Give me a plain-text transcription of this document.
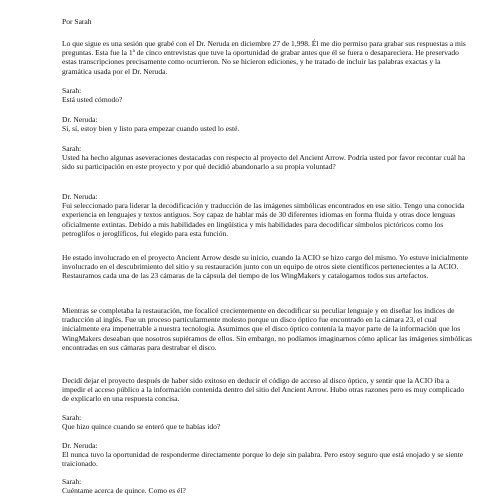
Por Sarah

Lo que sigue es una sesión que grabé con el Dr. Neruda en diciembre 27 de 1,998. Él me dio permiso para grabar sus respuestas a mis preguntas. Esta fue la 1ª de cinco entrevistas que tuve la oportunidad de grabar antes que él se fuera o desapareciera. He preservado estas transcripciones precisamente como ocurrieron. No se hicieron ediciones, y he tratado de incluir las palabras exactas y la gramática usada por el Dr. Neruda.

Sarah:

Está usted cómodo?

Dr. Neruda:

Sí, sí, estoy bien y listo para empezar cuando usted lo esté.

Sarah:

Usted ha hecho algunas aseveraciones destacadas con respecto al proyecto del Ancient Arrow. Podría usted por favor recontar cuál ha sido su participación en este proyecto y por qué decidió abandonarlo a su propia voluntad?

Dr. Neruda:

Fui seleccionado para liderar la decodificación y traducción de las imágenes simbólicas encontrados en ese sitio. Tengo una conocida experiencia en lenguajes y textos antiguos. Soy capaz de hablar más de 30 diferentes idiomas en forma fluida y otras doce lenguas oficialmente extintas. Debido a mis habilidades en lingüística y mis habilidades para decodificar símbolos pictóricos como los petroglifos o jeroglíficos, fui elegido para esta función.

He estado involucrado en el proyecto Ancient Arrow desde su inicio, cuando la ACIO se hizo cargo del mismo. Yo estuve inicialmente involucrado en el descubrimiento del sitio y su restauración junto con un equipo de otros siete científicos pertenecientes a la ACIO. Restauramos cada una de las 23 cámaras de la cápsula del tiempo de los WingMakers y catalogamos todos sus artefactos.

Mientras se completaba la restauración, me focalicé crecientemente en decodificar su peculiar lenguaje y en diseñar los índices de traducción al inglés. Fue un proceso particularmente molesto porque un disco óptico fue encontrado en la cámara 23, el cual inicialmente era impenetrable a nuestra tecnología. Asumimos que el disco óptico contenía la mayor parte de la información que los WingMakers deseaban que nosotros supiéramos de ellos. Sin embargo, no podíamos imaginarnos cómo aplicar las imágenes simbólicas encontradas en sus cámaras para destrabar el disco.

Decidí dejar el proyecto después de haber sido exitoso en deducir el código de acceso al disco óptico, y sentir que la ACIO iba a impedir el acceso público a la información contenida dentro del sitio del Ancient Arrow. Hubo otras razones pero es muy complicado de explicarlo en una respuesta concisa.

Sarah:

Que hizo quince cuando se enteró que te habías ido?

Dr. Neruda:

El nunca tuvo la oportunidad de responderme directamente porque lo deje sin palabra. Pero estoy seguro que está enojado y se siente traicionado.

Sarah:

Cuéntame acerca de quince. Como es él?
